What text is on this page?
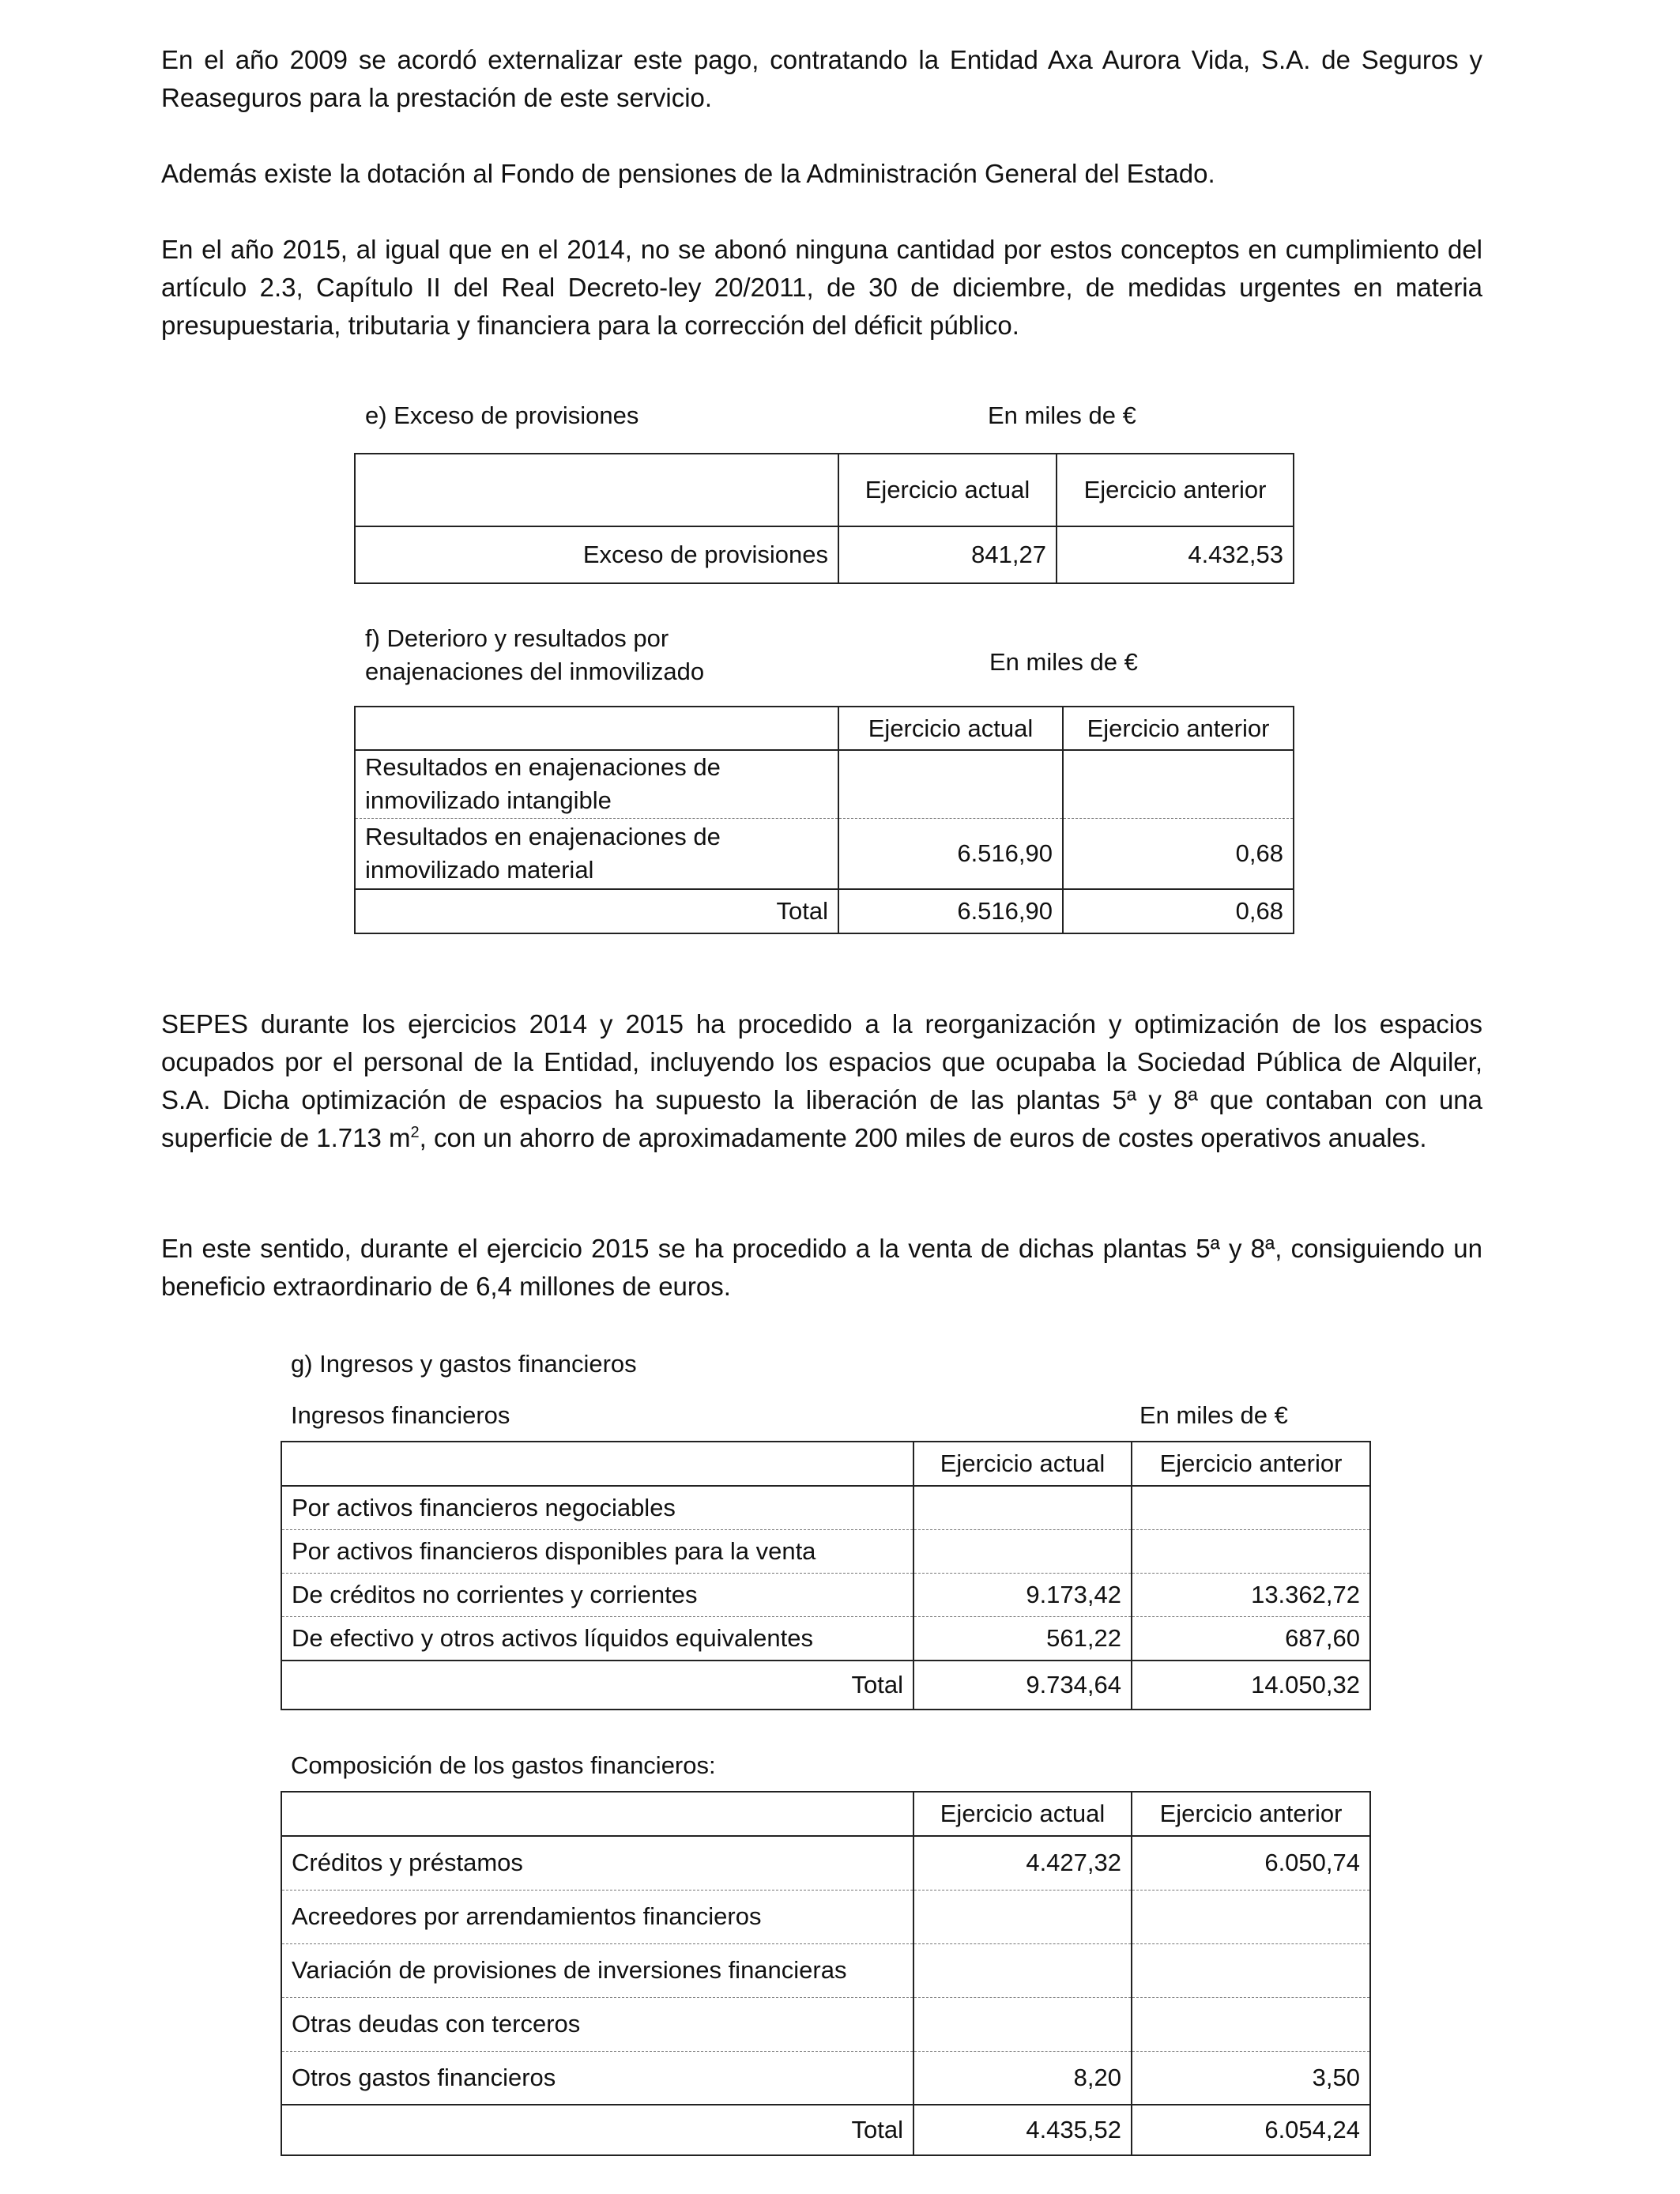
En el año 2009 se acordó externalizar este pago, contratando la Entidad Axa Aurora Vida, S.A. de Seguros y Reaseguros para la prestación de este servicio.

Además existe la dotación al Fondo de pensiones de la Administración General del Estado.

En el año 2015, al igual que en el 2014, no se abonó ninguna cantidad por estos conceptos en cumplimiento del artículo 2.3, Capítulo II del Real Decreto-ley 20/2011, de 30 de diciembre, de medidas urgentes en materia presupuestaria, tributaria y financiera para la corrección del déficit público.

e) Exceso de provisiones	En miles de €
	Ejercicio actual	Ejercicio anterior
Exceso de provisiones	841,27	4.432,53
f) Deterioro y resultados por enajenaciones del inmovilizado	En miles de €
	Ejercicio actual	Ejercicio anterior
Resultados en enajenaciones de inmovilizado intangible		
Resultados en enajenaciones de inmovilizado material	6.516,90	0,68
Total	6.516,90	0,68

SEPES durante los ejercicios 2014 y 2015 ha procedido a la reorganización y optimización de los espacios ocupados por el personal de la Entidad, incluyendo los espacios que ocupaba la Sociedad Pública de Alquiler, S.A. Dicha optimización de espacios ha supuesto la liberación de las plantas 5ª y 8ª que contaban con una superficie de 1.713 $m^2$, con un ahorro de aproximadamente 200 miles de euros de costes operativos anuales.

En este sentido, durante el ejercicio 2015 se ha procedido a la venta de dichas plantas 5ª y 8ª, consiguiendo un beneficio extraordinario de 6,4 millones de euros.

g) Ingresos y gastos financieros
Ingresos financieros	En miles de €
	Ejercicio actual	Ejercicio anterior
Por activos financieros negociables		
Por activos financieros disponibles para la venta		
De créditos no corrientes y corrientes	9.173,42	13.362,72
De efectivo y otros activos líquidos equivalentes	561,22	687,60
Total	9.734,64	14.050,32
Composición de los gastos financieros:
	Ejercicio actual	Ejercicio anterior
Créditos y préstamos	4.427,32	6.050,74
Acreedores por arrendamientos financieros		
Variación de provisiones de inversiones financieras		
Otras deudas con terceros		
Otros gastos financieros	8,20	3,50
Total	4.435,52	6.054,24
